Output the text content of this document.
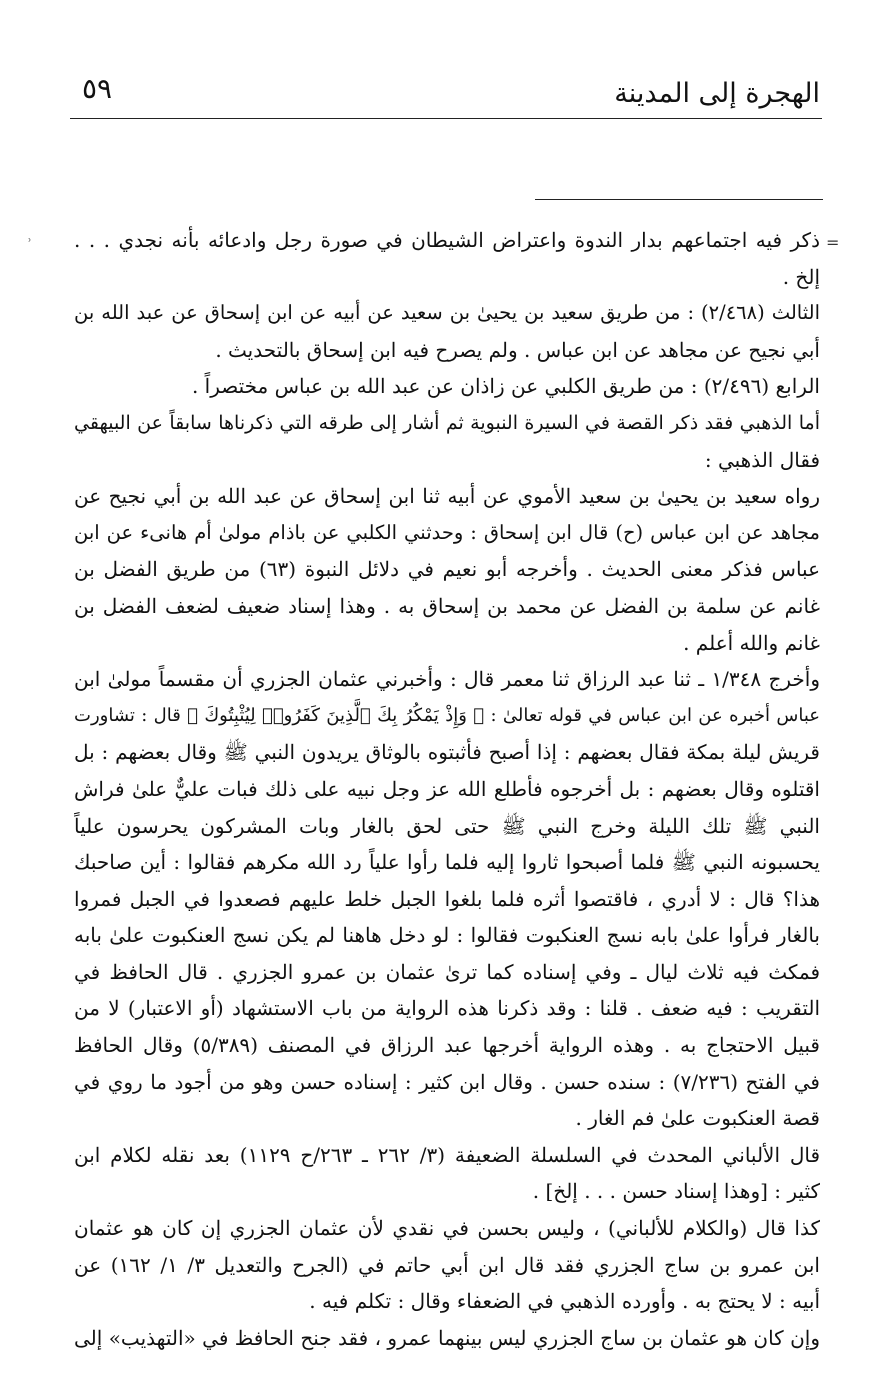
الهجرة إلى المدينة
٥٩
⸒
=
ذكر فيه اجتماعهم بدار الندوة واعتراض الشيطان في صورة رجل وادعائه بأنه نجدي . . .
إلخ .
الثالث (٢/٤٦٨) : من طريق سعيد بن يحيىٰ بن سعيد عن أبيه عن ابن إسحاق عن عبد الله بن
أبي نجيح عن مجاهد عن ابن عباس . ولم يصرح فيه ابن إسحاق بالتحديث .
الرابع (٢/٤٩٦) : من طريق الكلبي عن زاذان عن عبد الله بن عباس مختصراً .
أما الذهبي فقد ذكر القصة في السيرة النبوية ثم أشار إلى طرقه التي ذكرناها سابقاً عن البيهقي
فقال الذهبي :
رواه سعيد بن يحيىٰ بن سعيد الأموي عن أبيه ثنا ابن إسحاق عن عبد الله بن أبي نجيح عن
مجاهد عن ابن عباس (ح) قال ابن إسحاق : وحدثني الكلبي عن باذام مولىٰ أم هانىء عن ابن
عباس فذكر معنى الحديث . وأخرجه أبو نعيم في دلائل النبوة (٦٣) من طريق الفضل بن
غانم عن سلمة بن الفضل عن محمد بن إسحاق به . وهذا إسناد ضعيف لضعف الفضل بن
غانم والله أعلم .
وأخرج ١/٣٤٨ ـ ثنا عبد الرزاق ثنا معمر قال : وأخبرني عثمان الجزري أن مقسماً مولىٰ ابن
عباس أخبره عن ابن عباس في قوله تعالىٰ : ﴿ وَإِذْ يَمْكُرُ بِكَ ٱلَّذِينَ كَفَرُوا۟ لِيُثْبِتُوكَ ﴾ قال : تشاورت
قريش ليلة بمكة فقال بعضهم : إذا أصبح فأثبتوه بالوثاق يريدون النبي ﷺ وقال بعضهم : بل
اقتلوه وقال بعضهم : بل أخرجوه فأطلع الله عز وجل نبيه على ذلك فبات عليٌّ علىٰ فراش
النبي ﷺ تلك الليلة وخرج النبي ﷺ حتى لحق بالغار وبات المشركون يحرسون علياً
يحسبونه النبي ﷺ فلما أصبحوا ثاروا إليه فلما رأوا علياً رد الله مكرهم فقالوا : أين صاحبك
هذا؟ قال : لا أدري ، فاقتصوا أثره فلما بلغوا الجبل خلط عليهم فصعدوا في الجبل فمروا
بالغار فرأوا علىٰ بابه نسج العنكبوت فقالوا : لو دخل هاهنا لم يكن نسج العنكبوت علىٰ بابه
فمكث فيه ثلاث ليال ـ وفي إسناده كما ترىٰ عثمان بن عمرو الجزري . قال الحافظ في
التقريب : فيه ضعف . قلنا : وقد ذكرنا هذه الرواية من باب الاستشهاد (أو الاعتبار) لا من
قبيل الاحتجاج به . وهذه الرواية أخرجها عبد الرزاق في المصنف (٥/٣٨٩) وقال الحافظ
في الفتح (٧/٢٣٦) : سنده حسن . وقال ابن كثير : إسناده حسن وهو من أجود ما روي في
قصة العنكبوت علىٰ فم الغار .
قال الألباني المحدث في السلسلة الضعيفة (٣/ ٢٦٢ ـ ٢٦٣/ح ١١٢٩) بعد نقله لكلام ابن
كثير : [وهذا إسناد حسن . . . إلخ] .
كذا قال (والكلام للألباني) ، وليس بحسن في نقدي لأن عثمان الجزري إن كان هو عثمان
ابن عمرو بن ساج الجزري فقد قال ابن أبي حاتم في (الجرح والتعديل ٣/ ١/ ١٦٢) عن
أبيه : لا يحتج به . وأورده الذهبي في الضعفاء وقال : تكلم فيه .
وإن كان هو عثمان بن ساج الجزري ليس بينهما عمرو ، فقد جنح الحافظ في «التهذيب» إلى
